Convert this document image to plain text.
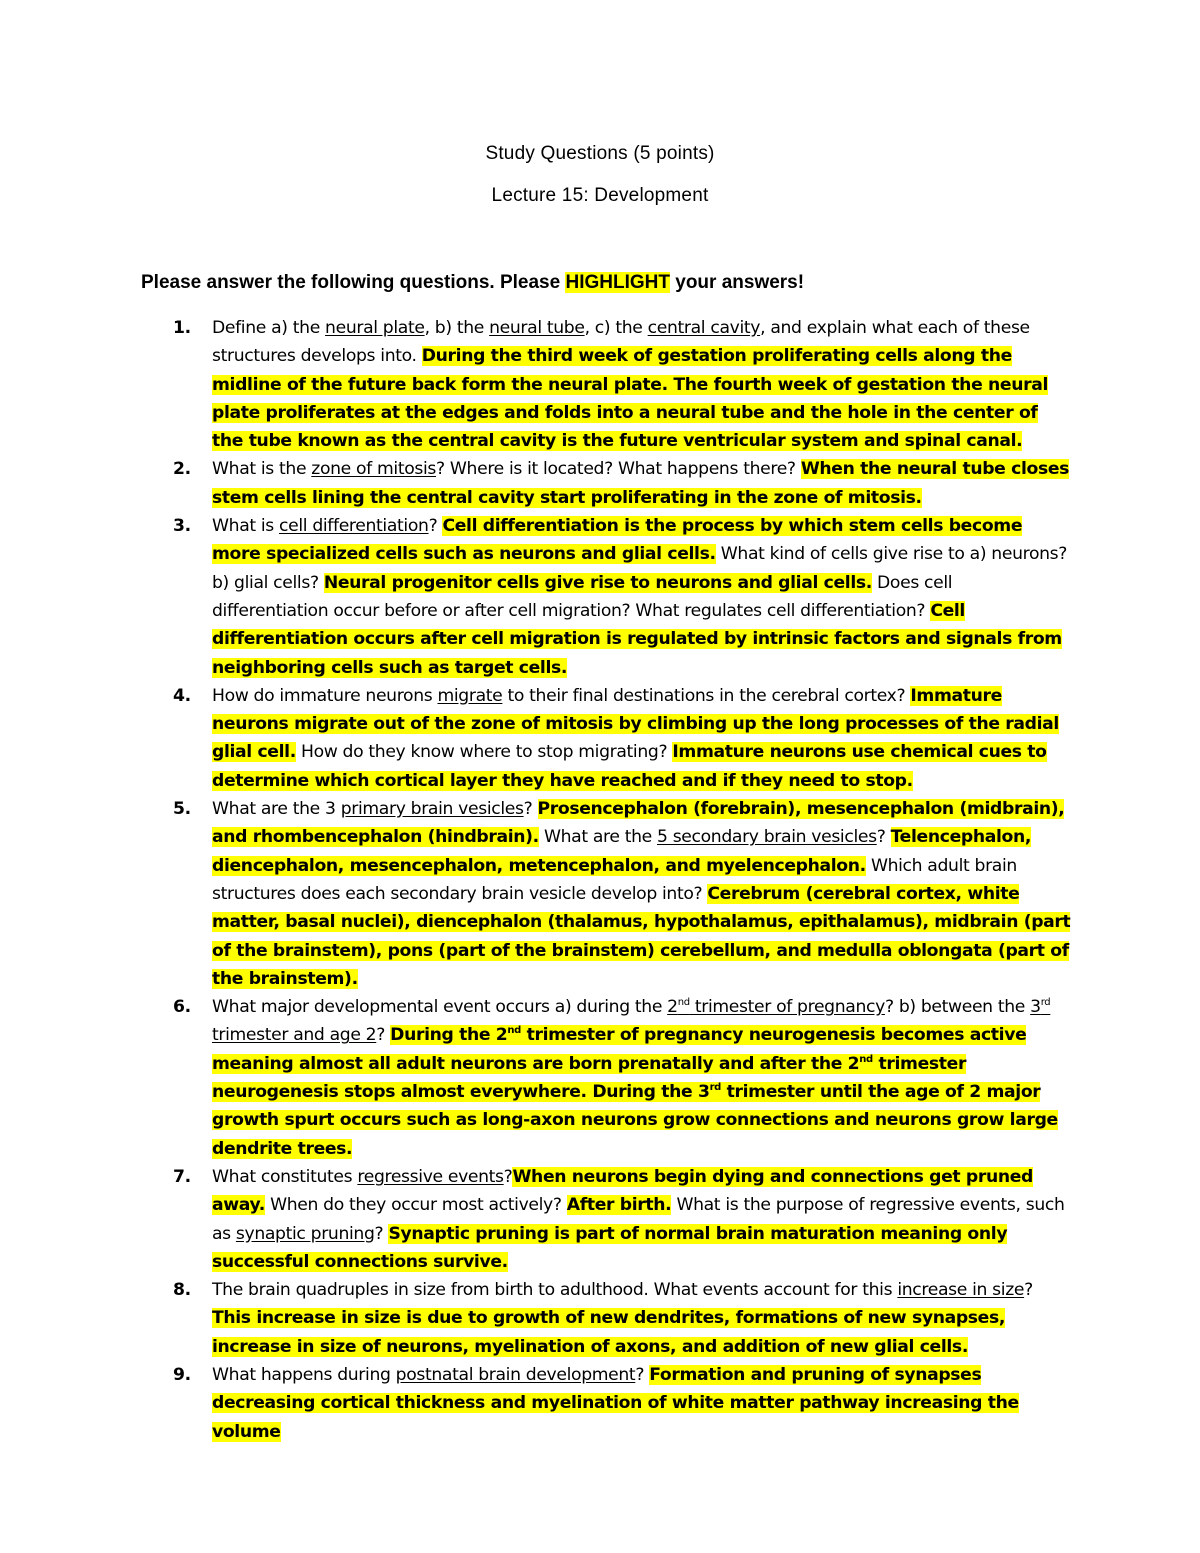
Study Questions (5 points)
Lecture 15: Development
Please answer the following questions. Please HIGHLIGHT your answers!
1. Define a) the neural plate, b) the neural tube, c) the central cavity, and explain what each of these structures develops into. During the third week of gestation proliferating cells along the midline of the future back form the neural plate. The fourth week of gestation the neural plate proliferates at the edges and folds into a neural tube and the hole in the center of the tube known as the central cavity is the future ventricular system and spinal canal.
2. What is the zone of mitosis? Where is it located? What happens there? When the neural tube closes stem cells lining the central cavity start proliferating in the zone of mitosis.
3. What is cell differentiation? Cell differentiation is the process by which stem cells become more specialized cells such as neurons and glial cells. What kind of cells give rise to a) neurons? b) glial cells? Neural progenitor cells give rise to neurons and glial cells. Does cell differentiation occur before or after cell migration? What regulates cell differentiation? Cell differentiation occurs after cell migration is regulated by intrinsic factors and signals from neighboring cells such as target cells.
4. How do immature neurons migrate to their final destinations in the cerebral cortex? Immature neurons migrate out of the zone of mitosis by climbing up the long processes of the radial glial cell. How do they know where to stop migrating? Immature neurons use chemical cues to determine which cortical layer they have reached and if they need to stop.
5. What are the 3 primary brain vesicles? Prosencephalon (forebrain), mesencephalon (midbrain), and rhombencephalon (hindbrain). What are the 5 secondary brain vesicles? Telencephalon, diencephalon, mesencephalon, metencephalon, and myelencephalon. Which adult brain structures does each secondary brain vesicle develop into? Cerebrum (cerebral cortex, white matter, basal nuclei), diencephalon (thalamus, hypothalamus, epithalamus), midbrain (part of the brainstem), pons (part of the brainstem) cerebellum, and medulla oblongata (part of the brainstem).
6. What major developmental event occurs a) during the 2nd trimester of pregnancy? b) between the 3rd trimester and age 2? During the 2nd trimester of pregnancy neurogenesis becomes active meaning almost all adult neurons are born prenatally and after the 2nd trimester neurogenesis stops almost everywhere. During the 3rd trimester until the age of 2 major growth spurt occurs such as long-axon neurons grow connections and neurons grow large dendrite trees.
7. What constitutes regressive events?When neurons begin dying and connections get pruned away. When do they occur most actively? After birth. What is the purpose of regressive events, such as synaptic pruning? Synaptic pruning is part of normal brain maturation meaning only successful connections survive.
8. The brain quadruples in size from birth to adulthood. What events account for this increase in size? This increase in size is due to growth of new dendrites, formations of new synapses, increase in size of neurons, myelination of axons, and addition of new glial cells.
9. What happens during postnatal brain development? Formation and pruning of synapses decreasing cortical thickness and myelination of white matter pathway increasing the volume
